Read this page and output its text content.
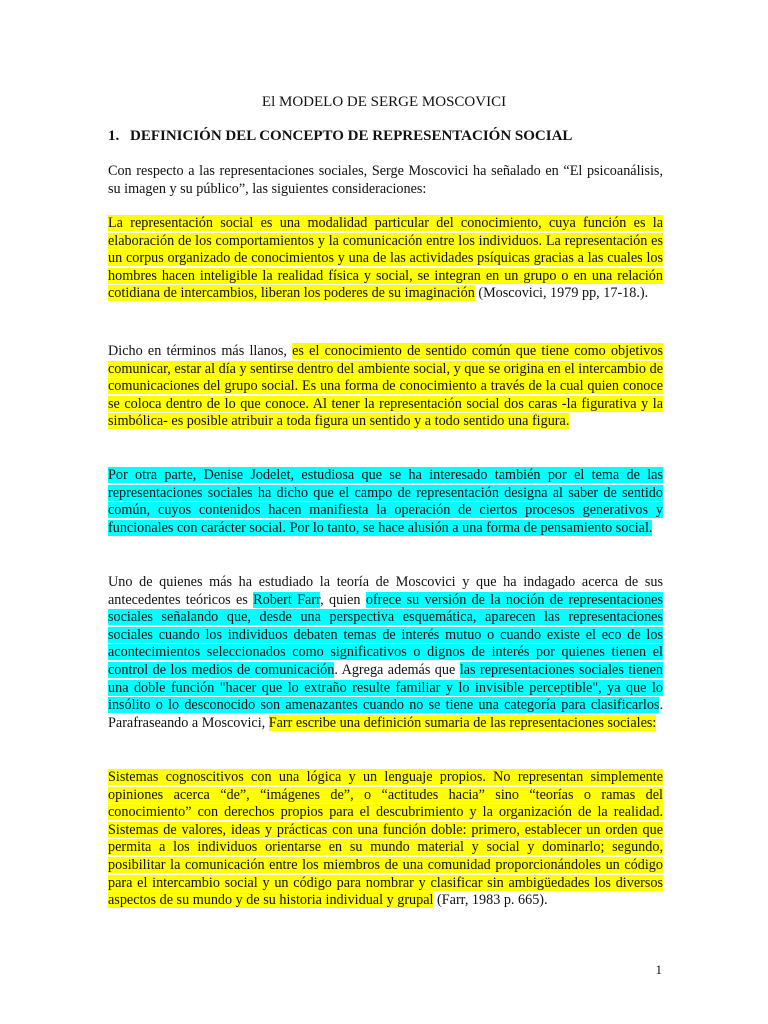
El MODELO DE SERGE MOSCOVICI
1. DEFINICIÓN DEL CONCEPTO DE REPRESENTACIÓN SOCIAL

Con respecto a las representaciones sociales, Serge Moscovici ha señalado en “El psicoanálisis, su imagen y su público”, las siguientes consideraciones:

La representación social es una modalidad particular del conocimiento, cuya función es la elaboración de los comportamientos y la comunicación entre los individuos. La representación es un corpus organizado de conocimientos y una de las actividades psíquicas gracias a las cuales los hombres hacen inteligible la realidad física y social, se integran en un grupo o en una relación cotidiana de intercambios, liberan los poderes de su imaginación (Moscovici, 1979 pp, 17-18.).

Dicho en términos más llanos, es el conocimiento de sentido común que tiene como objetivos comunicar, estar al día y sentirse dentro del ambiente social, y que se origina en el intercambio de comunicaciones del grupo social. Es una forma de conocimiento a través de la cual quien conoce se coloca dentro de lo que conoce. Al tener la representación social dos caras -la figurativa y la simbólica- es posible atribuir a toda figura un sentido y a todo sentido una figura.

Por otra parte, Denise Jodelet, estudiosa que se ha interesado también por el tema de las representaciones sociales ha dicho que el campo de representación designa al saber de sentido común, cuyos contenidos hacen manifiesta la operación de ciertos procesos generativos y funcionales con carácter social. Por lo tanto, se hace alusión a una forma de pensamiento social.

Uno de quienes más ha estudiado la teoría de Moscovici y que ha indagado acerca de sus antecedentes teóricos es Robert Farr, quien ofrece su versión de la noción de representaciones sociales señalando que, desde una perspectiva esquemática, aparecen las representaciones sociales cuando los individuos debaten temas de interés mutuo o cuando existe el eco de los acontecimientos seleccionados como significativos o dignos de interés por quienes tienen el control de los medios de comunicación. Agrega además que las representaciones sociales tienen una doble función "hacer que lo extraño resulte familiar y lo invisible perceptible", ya que lo insólito o lo desconocido son amenazantes cuando no se tiene una categoría para clasificarlos. Parafraseando a Moscovici, Farr escribe una definición sumaria de las representaciones sociales:

Sistemas cognoscitivos con una lógica y un lenguaje propios. No representan simplemente opiniones acerca “de”, “imágenes de”, o “actitudes hacia” sino “teorías o ramas del conocimiento” con derechos propios para el descubrimiento y la organización de la realidad. Sistemas de valores, ideas y prácticas con una función doble: primero, establecer un orden que permita a los individuos orientarse en su mundo material y social y dominarlo; segundo, posibilitar la comunicación entre los miembros de una comunidad proporcionándoles un código para el intercambio social y un código para nombrar y clasificar sin ambigüedades los diversos aspectos de su mundo y de su historia individual y grupal (Farr, 1983 p. 665).

1
